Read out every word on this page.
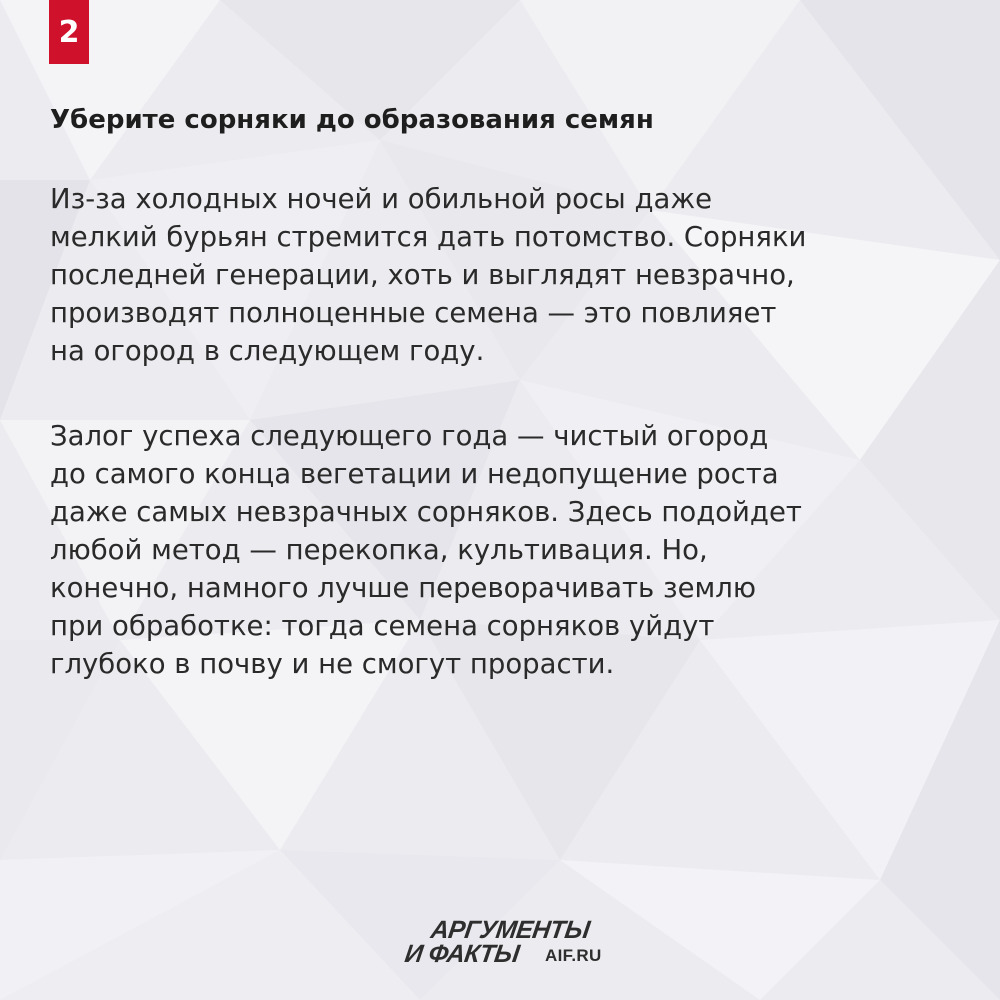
2
Уберите сорняки до образования семян

Из-за холодных ночей и обильной росы даже
мелкий бурьян стремится дать потомство. Сорняки
последней генерации, хоть и выглядят невзрачно,
производят полноценные семена — это повлияет
на огород в следующем году.

Залог успеха следующего года — чистый огород
до самого конца вегетации и недопущение роста
даже самых невзрачных сорняков. Здесь подойдет
любой метод — перекопка, культивация. Но,
конечно, намного лучше переворачивать землю
при обработке: тогда семена сорняков уйдут
глубоко в почву и не смогут прорасти.

АРГУМЕНТЫ
И ФАКТЫ AIF.RU
